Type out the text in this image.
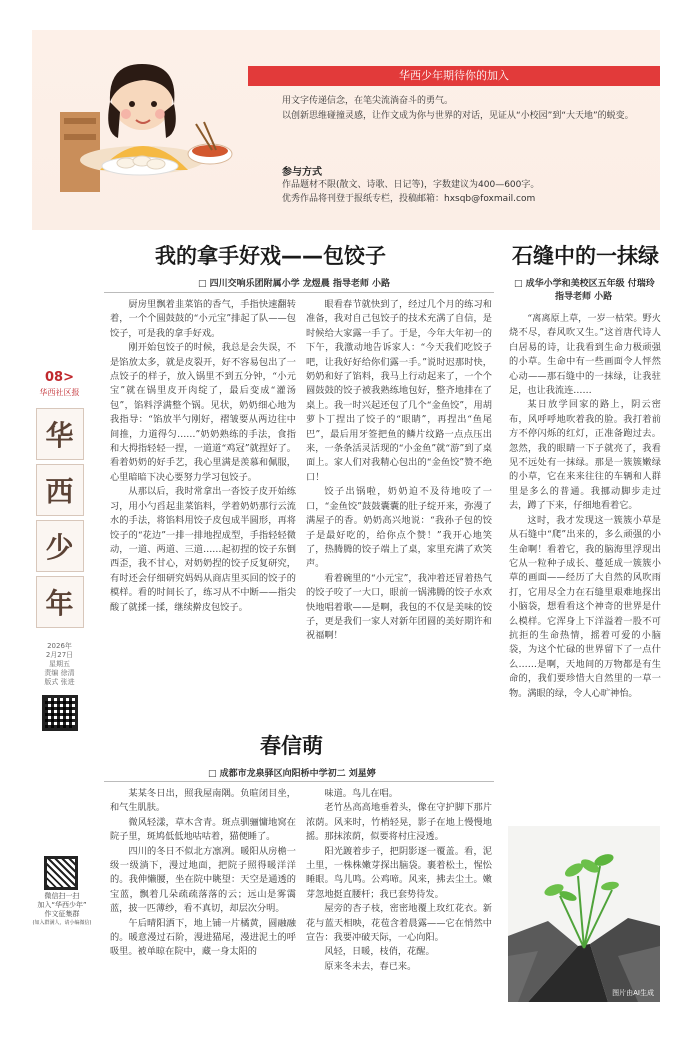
华西少年期待你的加入
用文字传递信念，在笔尖流淌奋斗的勇气。
以创新思维碰撞灵感，让作文成为你与世界的对话，见证从“小校园”到“大天地”的蜕变。
参与方式
作品题材不限(散文、诗歌、日记等)，字数建议为400—600字。
优秀作品将刊登于报纸专栏，投稿邮箱：hxsqb@foxmail.com
08>
华西社区报
华
西
少
年
2026年
2月27日
星期五
责编 徐清
版式 张进
微信扫一扫
加入“华西少年”
作文征集群
(如入群满人，请小编微信)
我的拿手好戏——包饺子
□ 四川交响乐团附属小学 龙煜晨 指导老师 小路

厨房里飘着韭菜馅的香气，手指快速翻转着，一个个圆鼓鼓的“小元宝”排起了队——包饺子，可是我的拿手好戏。

刚开始包饺子的时候，我总是会失误，不是馅放太多，就是皮裂开，好不容易包出了一点饺子的样子，放入锅里不到五分钟，“小元宝”就在锅里皮开肉绽了，最后变成“灌汤包”，馅料浮满整个锅。见状，奶奶细心地为我指导：“馅放半勺刚好，褶皱要从两边往中间推，力道得匀……”奶奶熟练的手法，食指和大拇指轻轻一捏，一道道“鸡冠”就捏好了。看着奶奶的好手艺，我心里满是羡慕和佩服，心里暗暗下决心要努力学习包饺子。

从那以后，我时常拿出一沓饺子皮开始练习，用小勺舀起韭菜馅料，学着奶奶那行云流水的手法，将馅料用饺子皮包成半圆形，再将饺子的“花边”一排一排地捏成型，手指轻轻微动，一道、两道、三道……起初捏的饺子东倒西歪，我不甘心，对奶奶捏的饺子反复研究，有时还会仔细研究妈妈从商店里买回的饺子的模样。看的时间长了，练习从不中断——指尖酸了就揉一揉，继续擀皮包饺子。

眼看春节就快到了，经过几个月的练习和准备，我对自己包饺子的技术充满了自信，是时候给大家露一手了。于是，今年大年初一的下午，我激动地告诉家人：“今天我们吃饺子吧，让我好好给你们露一手。”说时迟那时快，奶奶和好了馅料，我马上行动起来了，一个个圆鼓鼓的饺子被我熟练地包好，整齐地排在了桌上。我一时兴起还包了几个“金鱼饺”，用胡萝卜丁捏出了饺子的“眼睛”，再捏出“鱼尾巴”，最后用牙签把鱼的鳞片纹路一点点压出来，一条条活灵活现的“小金鱼”就“游”到了桌面上。家人们对我精心包出的“金鱼饺”赞不绝口！

饺子出锅啦，奶奶迫不及待地咬了一口，“金鱼饺”鼓鼓囊囊的肚子绽开来，弥漫了满屋子的香。奶奶高兴地说：“我孙子包的饺子是最好吃的，给你点个赞！”我开心地笑了，热腾腾的饺子端上了桌，家里充满了欢笑声。

看着碗里的“小元宝”，我冲着还冒着热气的饺子咬了一大口，眼前一锅沸腾的饺子水欢快地唱着歌——是啊，我包的不仅是美味的饺子，更是我们一家人对新年团圆的美好期许和祝福啊！

石缝中的一抹绿
□ 成华小学和美校区五年级 付瑞玲
指导老师 小路

“离离原上草，一岁一枯荣。野火烧不尽，春风吹又生。”这首唐代诗人白居易的诗，让我看到生命力极顽强的小草。生命中有一些画面令人怦然心动——那石缝中的一抹绿，让我驻足，也让我流连……

某日放学回家的路上，阴云密布，风呼呼地吹着我的脸。我打着前方不停闪烁的红灯，正准备跑过去。忽然，我的眼睛一下子就亮了，我看见不远处有一抹绿。那是一簇簇嫩绿的小草，它在来来往往的车辆和人群里是多么的普通。我挪动脚步走过去，蹲了下来，仔细地看着它。

这时，我才发现这一簇簇小草是从石缝中“爬”出来的，多么顽强的小生命啊！看着它，我的脑海里浮现出它从一粒种子成长、蔓延成一簇簇小草的画面——经历了大自然的风吹雨打，它用尽全力在石缝里艰难地探出小脑袋，想看看这个神奇的世界是什么模样。它浑身上下洋溢着一股不可抗拒的生命热情，摇着可爱的小脑袋，为这个忙碌的世界留下了一点什么……是啊，天地间的万物都是有生命的，我们要珍惜大自然里的一草一物。满眼的绿，令人心旷神怡。

图片由AI生成
春信萌
□ 成都市龙泉驿区向阳桥中学初二 刘星婷

某某冬日出，照我屋南隅。负暄闭目坐，和气生肌肤。

微风轻漾，草木含青。斑点驯骊慵地窝在院子里，斑鸠低低地咕咕着，猫便睡了。

四川的冬日不似北方凛冽。暖阳从房檐一级一级淌下，漫过地面，把院子照得暖洋洋的。我伸懒腰，坐在院中眺望：天空是通透的宝蓝，飘着几朵疏疏落落的云；远山是雾霭蓝，披一匹薄纱，看不真切，却层次分明。

午后晴阳洒下，地上铺一片橘黄，圆融融的。暖意漫过石阶，漫进猫尾，漫进泥土的呼吸里。被单晾在院中，藏一身太阳的

味道。鸟儿在唱。

老竹丛高高地垂着头，像在守护脚下那片浓荫。风来时，竹梢轻晃，影子在地上慢慢地摇。那抹浓荫，似要将村庄浸透。

阳光踱着步子，把阴影逐一覆盖。看，泥土里，一株株嫩芽探出脑袋。裹着松土，惺忪睡眼。鸟儿鸣。公鸡啼。风来，拂去尘土。嫩芽忽地挺直腰杆；我已套势待发。

屋旁的杏子枝，密密地覆上玫红花衣。新花与蓝天相映，花苞含着晨露——它在悄然中宣告：我要冲破天际，一心向阳。

风轻，日暖，枝俏，花醒。

原来冬未去，春已来。
